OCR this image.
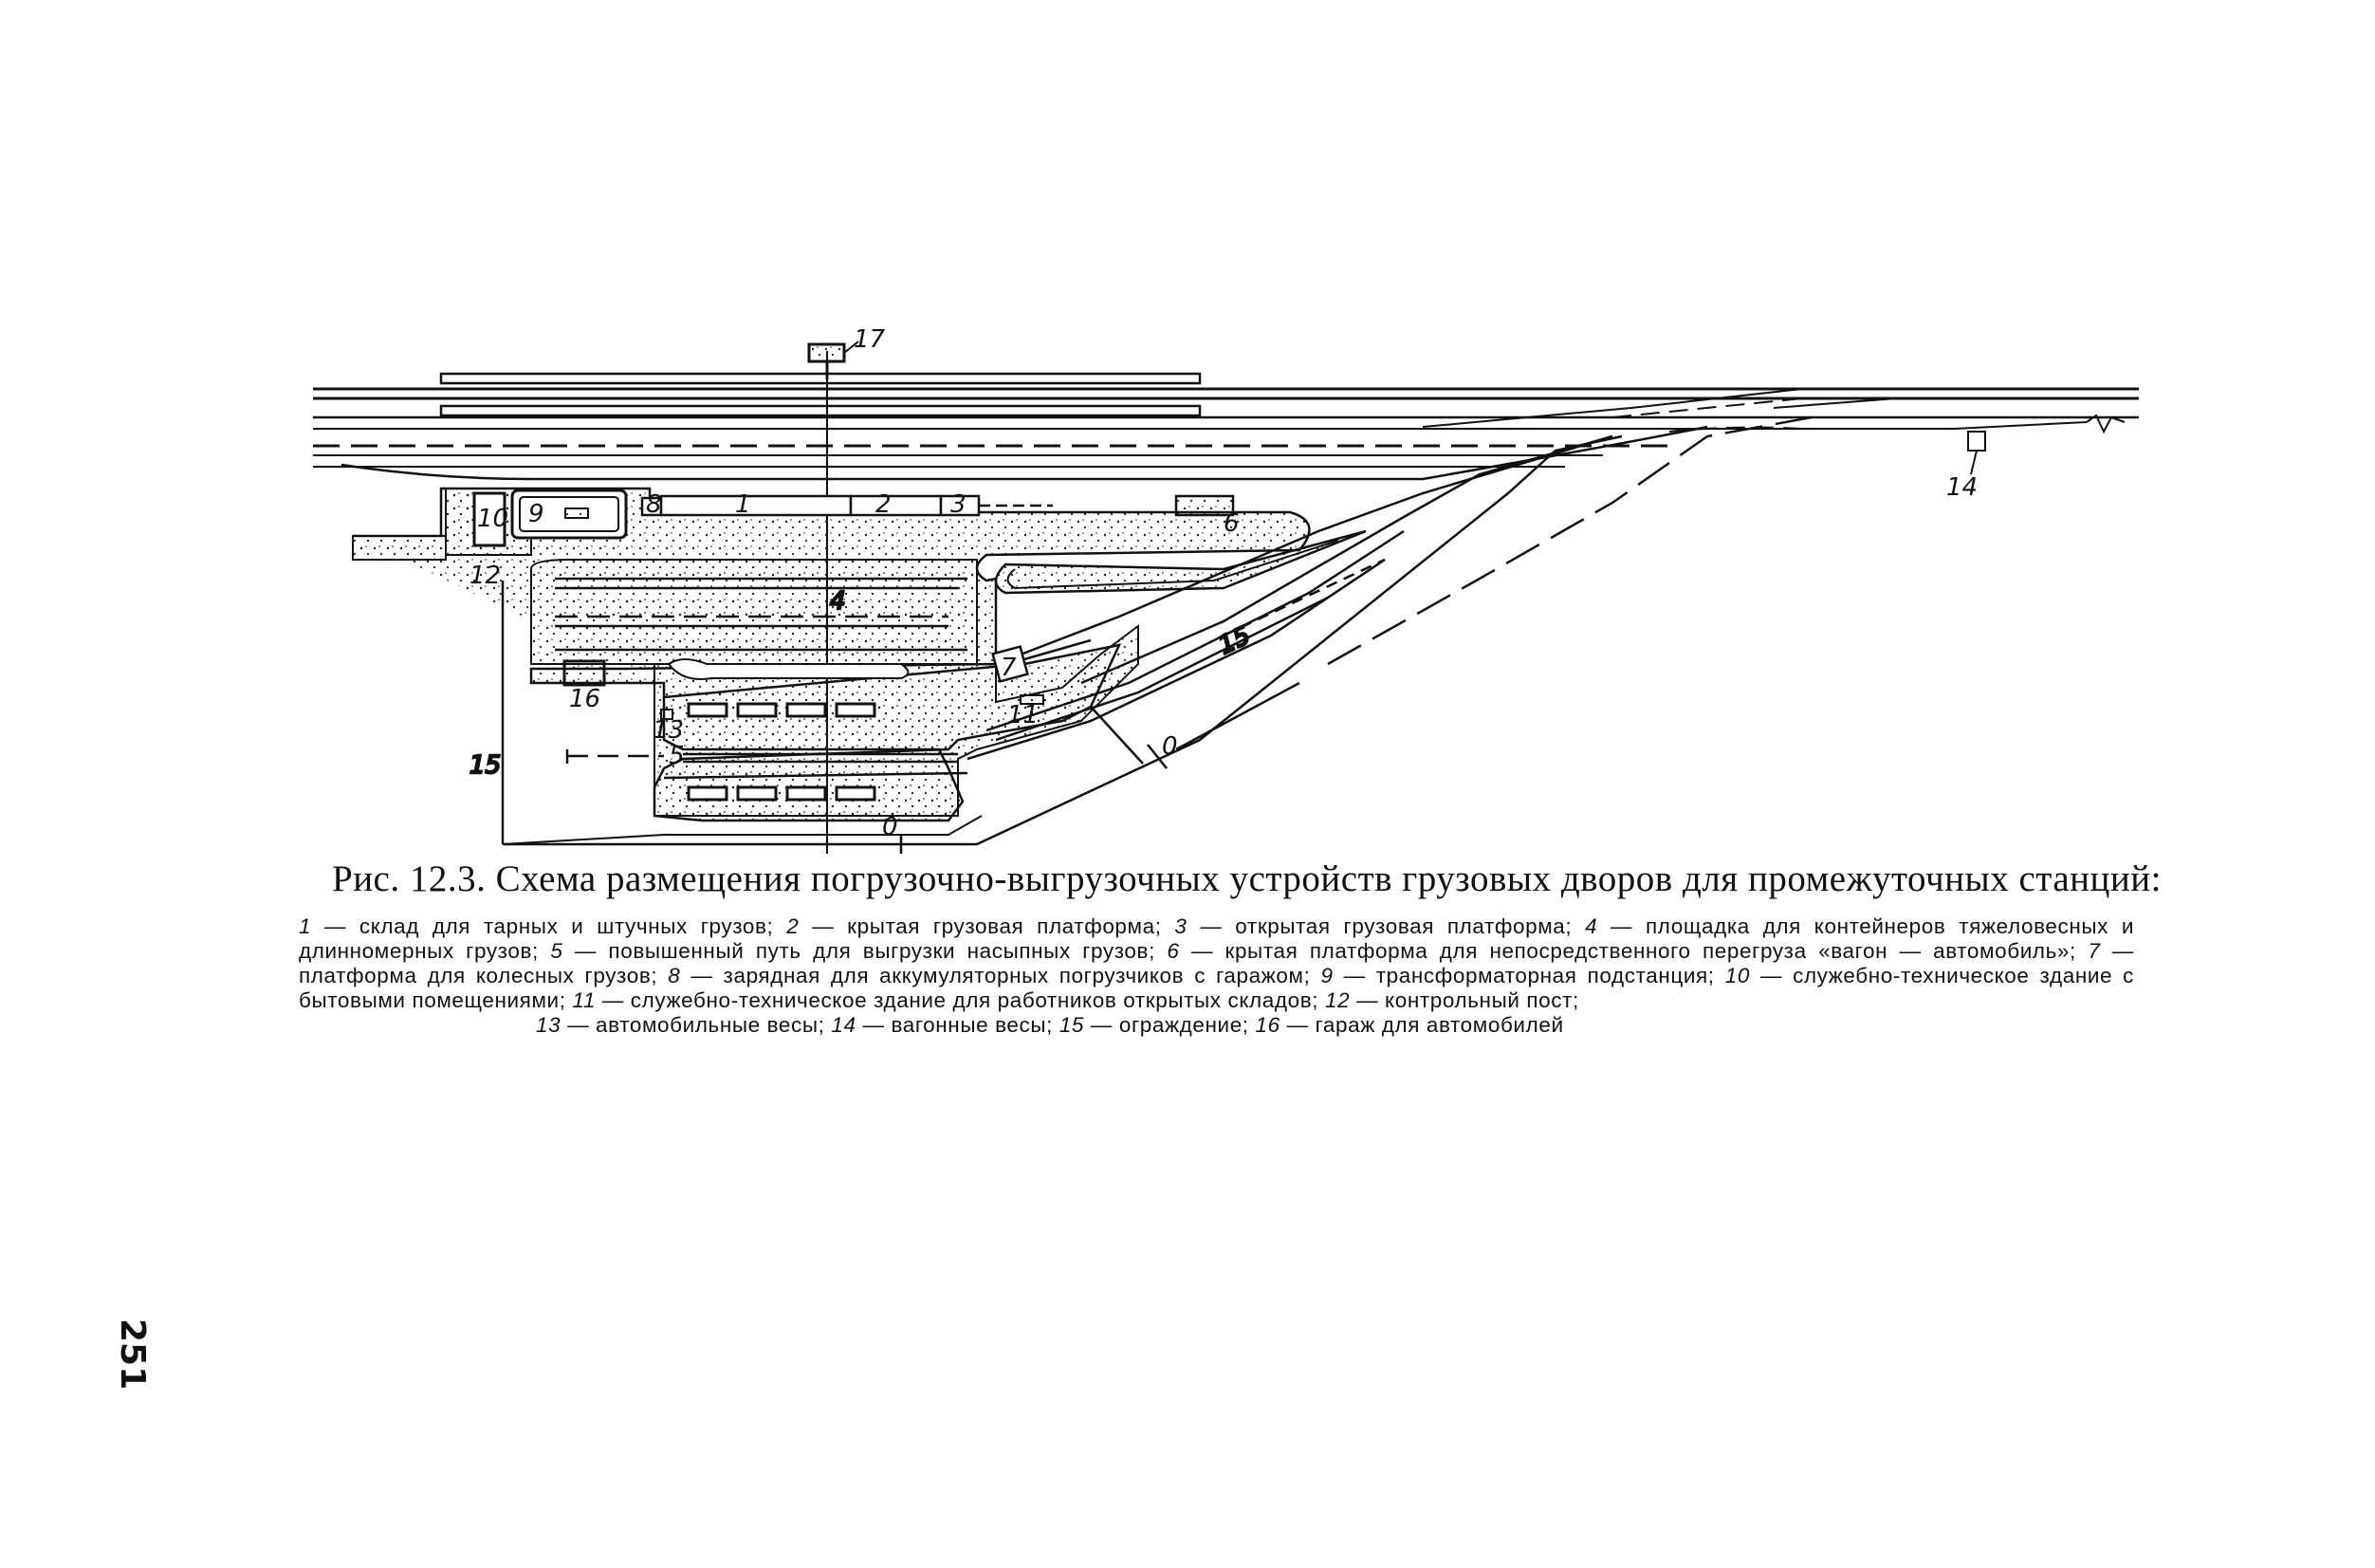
17
8	1	2 3
6
9
10
4
15
15
7
11
16
12
13
5	0
0
14
Рис. 12.3. Схема размещения погрузочно-выгрузочных устройств грузовых дворов для промежуточных станций:
1 — склад для тарных и штучных грузов; 2 — крытая грузовая платформа; 3 — открытая грузовая платформа; 4 — площадка для контейнеров тяжеловесных и длинномерных грузов; 5 — повышенный путь для выгрузки насыпных грузов; 6 — крытая платформа для непосредственного перегруза «вагон — автомобиль»; 7 — платформа для колесных грузов; 8 — зарядная для аккумуляторных погрузчиков с гаражом; 9 — трансформаторная подстанция; 10 — служебно-техническое здание с бытовыми помещениями; 11 — служебно-техническое здание для работников открытых складов; 12 — контрольный пост;
13 — автомобильные весы; 14 — вагонные весы; 15 — ограждение; 16 — гараж для автомобилей
251
